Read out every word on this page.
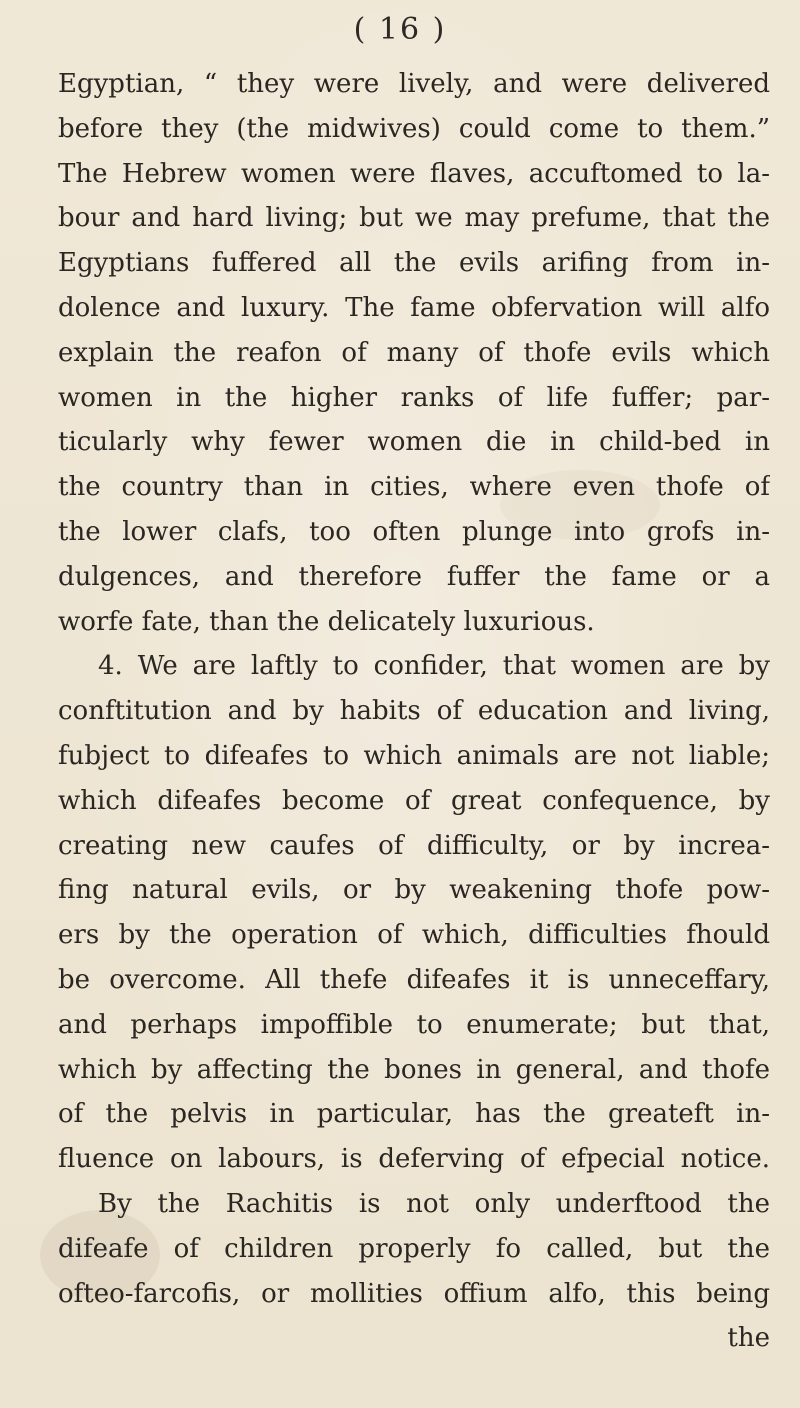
( 16 )
Egyptian, “ they were lively, and were delivered
before they (the midwives) could come to them.”
The Hebrew women were flaves, accuftomed to la-
bour and hard living; but we may prefume, that the
Egyptians fuffered all the evils arifing from in-
dolence and luxury. The fame obfervation will alfo
explain the reafon of many of thofe evils which
women in the higher ranks of life fuffer; par-
ticularly why fewer women die in child-bed in
the country than in cities, where even thofe of
the lower clafs, too often plunge into grofs in-
dulgences, and therefore fuffer the fame or a
worfe fate, than the delicately luxurious.
4. We are laftly to confider, that women are by
conftitution and by habits of education and living,
fubject to difeafes to which animals are not liable;
which difeafes become of great confequence, by
creating new caufes of difficulty, or by increa-
fing natural evils, or by weakening thofe pow-
ers by the operation of which, difficulties fhould
be overcome. All thefe difeafes it is unneceffary,
and perhaps impoffible to enumerate; but that,
which by affecting the bones in general, and thofe
of the pelvis in particular, has the greateft in-
fluence on labours, is deferving of efpecial notice.
By the Rachitis is not only underftood the
difeafe of children properly fo called, but the
ofteo-farcofis, or mollities offium alfo, this being
the
